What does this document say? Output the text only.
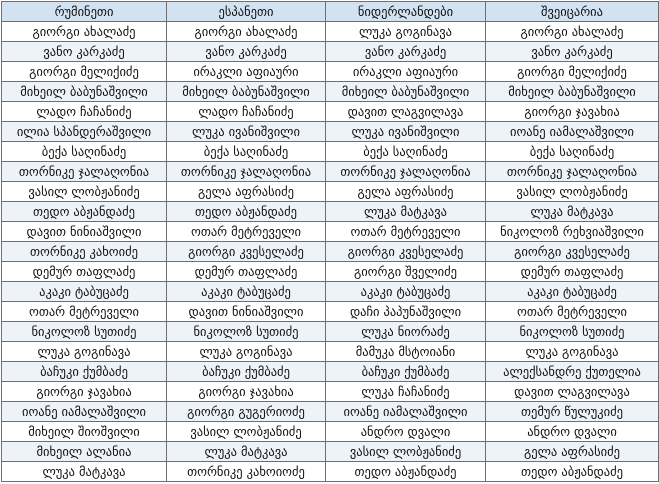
რუმინეთი	ესპანეთი	ნიდერლანდები	შვეიცარია
გიორგი ახალაძე	გიორგი ახალაძე	ლუკა გოგინავა	გიორგი ახალაძე
ვანო კარკაძე	ვანო კარკაძე	ვანო კარკაძე	ვანო კარკაძე
გიორგი მელიქიძე	ირაკლი აფიაური	ირაკლი აფიაური	გიორგი მელიქიძე
მიხეილ ბაბუნაშვილი	მიხეილ ბაბუნაშვილი	მიხეილ ბაბუნაშვილი	მიხეილ ბაბუნაშვილი
ლადო ჩაჩანიძე	ლადო ჩაჩანიძე	დავით ლაგვილავა	გიორგი ჯავახია
ილია სპანდერაშვილი	ლუკა ივანიშვილი	ლუკა ივანიშვილი	იოანე იამალაშვილი
ბექა საღინაძე	ბექა საღინაძე	ბექა საღინაძე	ბექა საღინაძე
თორნიკე ჯალაღონია	თორნიკე ჯალაღონია	თორნიკე ჯალაღონია	თორნიკე ჯალაღონია
ვასილ ლობჟანიძე	გელა აფრასიძე	გელა აფრასიძე	ვასილ ლობჟანიძე
თედო აბჟანდაძე	თედო აბჟანდაძე	ლუკა მატკავა	ლუკა მატკავა
დავით ნინიაშვილი	ოთარ მეტრეველი	ოთარ მეტრეველი	ნიკოლოზ რეხვიაშვილი
თორნიკე კახოიძე	გიორგი კვესელაძე	გიორგი კვესელაძე	გიორგი კვესელაძე
დემურ თაფლაძე	დემურ თაფლაძე	გიორგი შველიძე	დემურ თაფლაძე
აკაკი ტაბუცაძე	აკაკი ტაბუცაძე	აკაკი ტაბუცაძე	აკაკი ტაბუცაძე
ოთარ მეტრეველი	დავით ნინიაშვილი	დაჩი პაპუნაშვილი	ოთარ მეტრეველი
ნიკოლოზ სუთიძე	ნიკოლოზ სუთიძე	ლუკა ნიორაძე	ნიკოლოზ სუთიძე
ლუკა გოგინავა	ლუკა გოგინავა	მამუკა მსტოიანი	ლუკა გოგინავა
ბაჩუკი ქუმბაძე	ბაჩუკი ქუმბაძე	ბაჩუკი ქუმბაძე	ალექსანდრე ქუთელია
გიორგი ჯავახია	გიორგი ჯავახია	ლუკა ჩაჩანიძე	დავით ლაგვილავა
იოანე იამალაშვილი	გიორგი გუგერიოძე	იოანე იამალაშვილი	თემურ წულუკიძე
მიხეილ შიოშვილი	ვასილ ლობჟანიძე	ანდრო დვალი	ანდრო დვალი
მიხეილ ალანია	ლუკა მატკავა	ვასილ ლობჟანიძე	გელა აფრასიძე
ლუკა მატკავა	თორნიკე კახოიოძე	თედო აბჟანდაძე	თედო აბჟანდაძე
